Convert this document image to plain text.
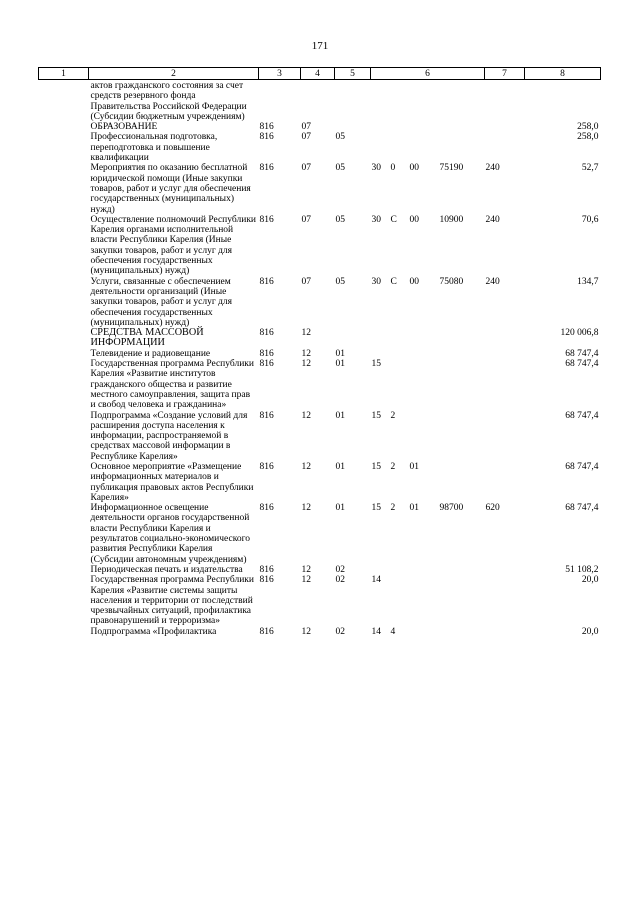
171
1	2	3	4	5	6				7	8
	актов гражданского состояния за счет средств резервного фонда Правительства Российской Федерации (Субсидии бюджетным учреждениям)									
	ОБРАЗОВАНИЕ	816	07							258,0
	Профессиональная подготовка, переподготовка и повышение квалификации	816	07	05						258,0
	Мероприятия по оказанию бесплатной юридической помощи (Иные закупки товаров, работ и услуг для обеспечения государственных (муниципальных) нужд)	816	07	05	30	0	00	75190	240	52,7
	Осуществление полномочий Республики Карелия органами исполнительной власти Республики Карелия (Иные закупки товаров, работ и услуг для обеспечения государственных (муниципальных) нужд)	816	07	05	30	С	00	10900	240	70,6
	Услуги, связанные с обеспечением деятельности организаций (Иные закупки товаров, работ и услуг для обеспечения государственных (муниципальных) нужд)	816	07	05	30	С	00	75080	240	134,7
	СРЕДСТВА МАССОВОЙ ИНФОРМАЦИИ	816	12							120 006,8
	Телевидение и радиовещание	816	12	01						68 747,4
	Государственная программа Республики Карелия «Развитие институтов гражданского общества и развитие местного самоуправления, защита прав и свобод человека и гражданина»	816	12	01	15					68 747,4
	Подпрограмма «Создание условий для расширения доступа населения к информации, распространяемой в средствах массовой информации в Республике Карелия»	816	12	01	15	2				68 747,4
	Основное мероприятие «Размещение информационных материалов и публикация правовых актов Республики Карелия»	816	12	01	15	2	01			68 747,4
	Информационное освещение деятельности органов государственной власти Республики Карелия и результатов социально-экономического развития Республики Карелия (Субсидии автономным учреждениям)	816	12	01	15	2	01	98700	620	68 747,4
	Периодическая печать и издательства	816	12	02						51 108,2
	Государственная программа Республики Карелия «Развитие системы защиты населения и территории от последствий чрезвычайных ситуаций, профилактика правонарушений и терроризма»	816	12	02	14					20,0
	Подпрограмма «Профилактика	816	12	02	14	4				20,0
